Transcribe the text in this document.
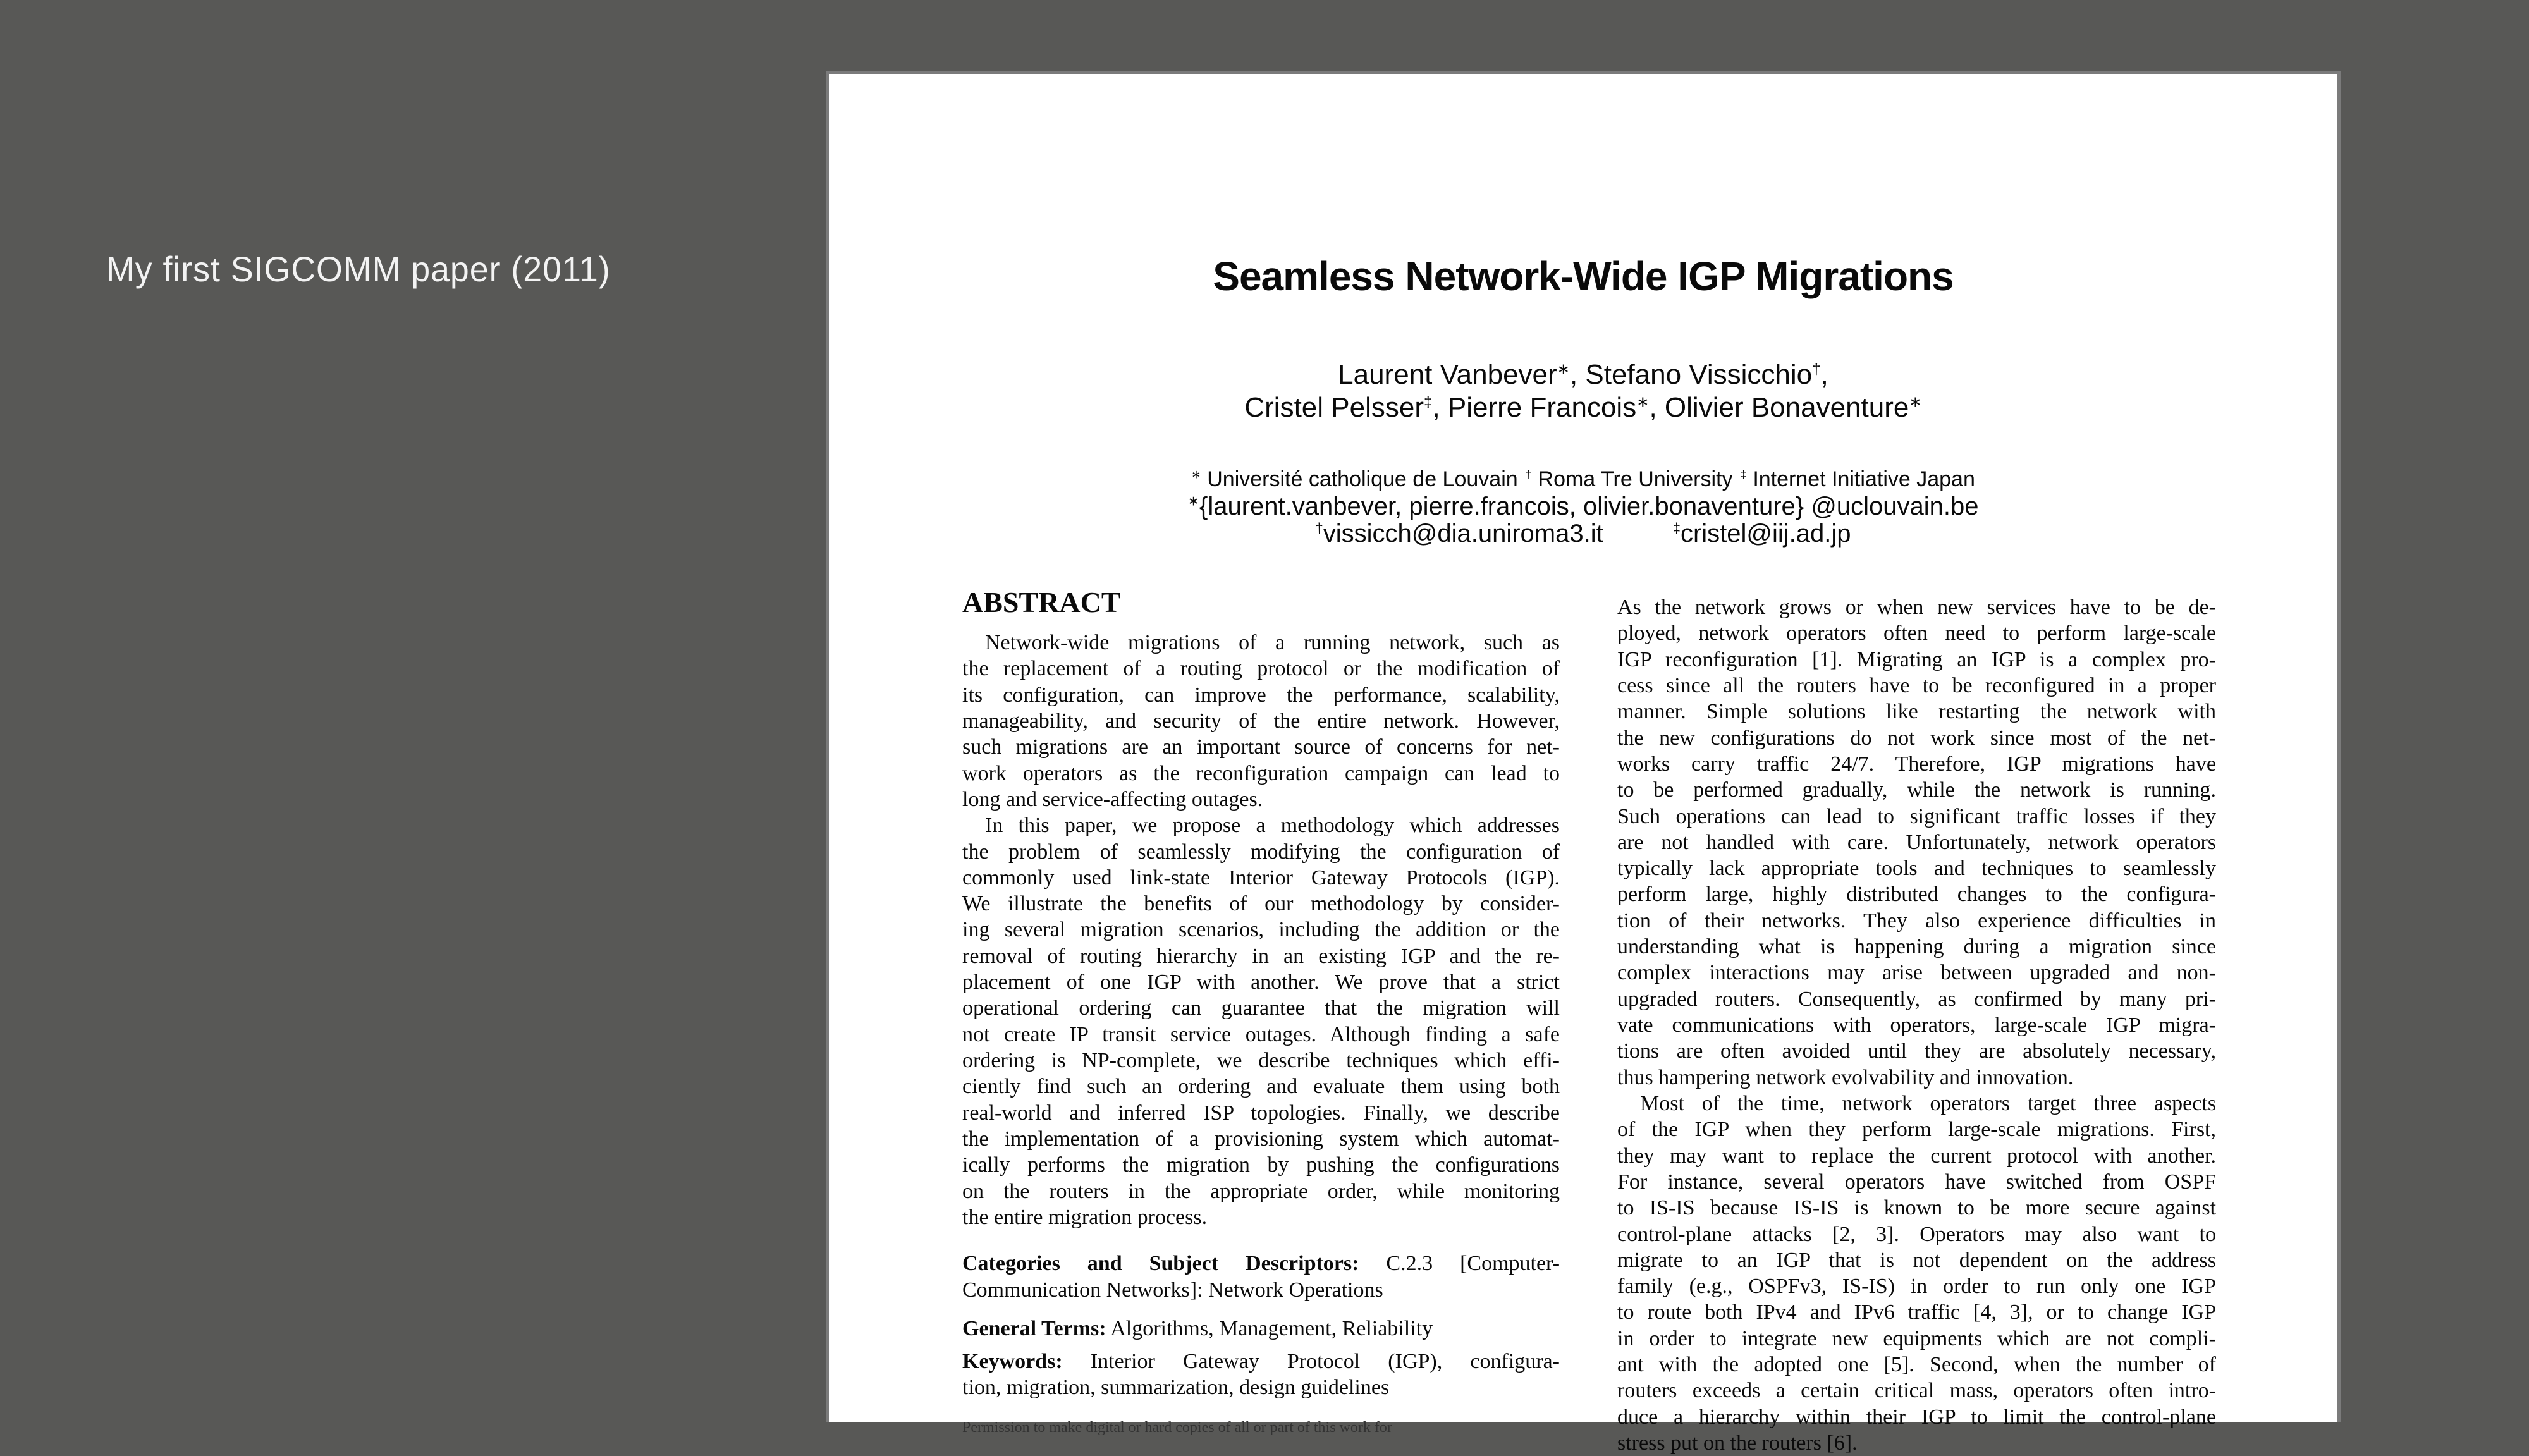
My first SIGCOMM paper (2011)	Seamless Network-Wide IGP Migrations
Laurent Vanbever∗, Stefano Vissicchio†,
Cristel Pelsser‡, Pierre Francois∗, Olivier Bonaventure∗
∗ Université catholique de Louvain † Roma Tre University ‡ Internet Initiative Japan
∗{laurent.vanbever, pierre.francois, olivier.bonaventure} @uclouvain.be
†vissicch@dia.uniroma3.it	‡cristel@iij.ad.jp
ABSTRACT
Network-wide migrations of a running network, such as
the replacement of a routing protocol or the modification of
its configuration, can improve the performance, scalability,
manageability, and security of the entire network. However,
such migrations are an important source of concerns for net-
work operators as the reconfiguration campaign can lead to
long and service-affecting outages.
In this paper, we propose a methodology which addresses
the problem of seamlessly modifying the configuration of
commonly used link-state Interior Gateway Protocols (IGP).
We illustrate the benefits of our methodology by consider-
ing several migration scenarios, including the addition or the
removal of routing hierarchy in an existing IGP and the re-
placement of one IGP with another. We prove that a strict
operational ordering can guarantee that the migration will
not create IP transit service outages. Although finding a safe
ordering is NP-complete, we describe techniques which effi-
ciently find such an ordering and evaluate them using both
real-world and inferred ISP topologies. Finally, we describe
the implementation of a provisioning system which automat-
ically performs the migration by pushing the configurations
on the routers in the appropriate order, while monitoring
the entire migration process.
Categories and Subject Descriptors: C.2.3 [Computer-
Communication Networks]: Network Operations
General Terms: Algorithms, Management, Reliability
Keywords: Interior Gateway Protocol (IGP), configura-
tion, migration, summarization, design guidelines
As the network grows or when new services have to be de-
ployed, network operators often need to perform large-scale
IGP reconfiguration [1]. Migrating an IGP is a complex pro-
cess since all the routers have to be reconfigured in a proper
manner. Simple solutions like restarting the network with
the new configurations do not work since most of the net-
works carry traffic 24/7. Therefore, IGP migrations have
to be performed gradually, while the network is running.
Such operations can lead to significant traffic losses if they
are not handled with care. Unfortunately, network operators
typically lack appropriate tools and techniques to seamlessly
perform large, highly distributed changes to the configura-
tion of their networks. They also experience difficulties in
understanding what is happening during a migration since
complex interactions may arise between upgraded and non-
upgraded routers. Consequently, as confirmed by many pri-
vate communications with operators, large-scale IGP migra-
tions are often avoided until they are absolutely necessary,
thus hampering network evolvability and innovation.
Most of the time, network operators target three aspects
of the IGP when they perform large-scale migrations. First,
they may want to replace the current protocol with another.
For instance, several operators have switched from OSPF
to IS-IS because IS-IS is known to be more secure against
control-plane attacks [2, 3]. Operators may also want to
migrate to an IGP that is not dependent on the address
family (e.g., OSPFv3, IS-IS) in order to run only one IGP
to route both IPv4 and IPv6 traffic [4, 3], or to change IGP
in order to integrate new equipments which are not compli-
ant with the adopted one [5]. Second, when the number of
routers exceeds a certain critical mass, operators often intro-
duce a hierarchy within their IGP to limit the control-plane
stress put on the routers [6].
Permission to make digital or hard copies of all or part of this work for
